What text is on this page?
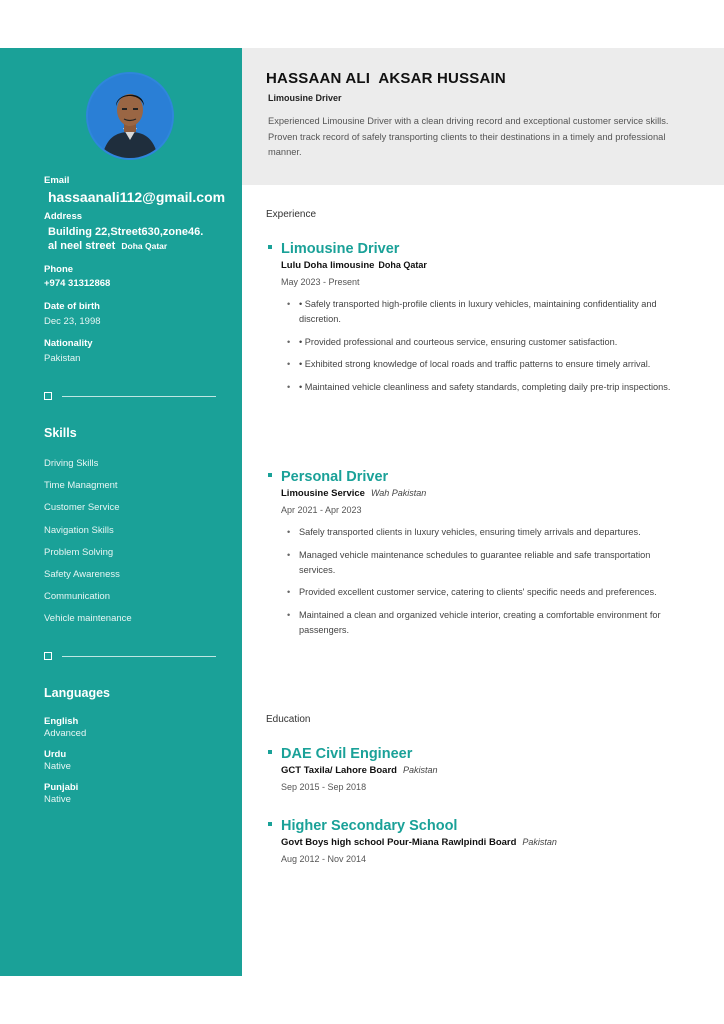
Email
hassaanali112@gmail.com
Address
Building 22,Street630,zone46.
al neel street Doha Qatar
Phone
+974 31312868
Date of birth
Dec 23, 1998
Nationality
Pakistan
Skills
Driving Skills
Time Managment
Customer Service
Navigation Skills
Problem Solving
Safety Awareness
Communication
Vehicle maintenance
Languages
English
Advanced
Urdu
Native
Punjabi
Native
HASSAAN ALI  AKSAR HUSSAIN
Limousine Driver
Experienced Limousine Driver with a clean driving record and exceptional customer service skills. Proven track record of safely transporting clients to their destinations in a timely and professional manner.
Experience
Limousine Driver
Lulu Doha limousine Doha Qatar
May 2023 - Present
• • Safely transported high-profile clients in luxury vehicles, maintaining confidentiality and discretion.
• • Provided professional and courteous service, ensuring customer satisfaction.
• • Exhibited strong knowledge of local roads and traffic patterns to ensure timely arrival.
• • Maintained vehicle cleanliness and safety standards, completing daily pre-trip inspections.
Personal Driver
Limousine Service Wah Pakistan
Apr 2021 - Apr 2023
• Safely transported clients in luxury vehicles, ensuring timely arrivals and departures.
• Managed vehicle maintenance schedules to guarantee reliable and safe transportation services.
• Provided excellent customer service, catering to clients' specific needs and preferences.
• Maintained a clean and organized vehicle interior, creating a comfortable environment for passengers.
Education
DAE Civil Engineer
GCT Taxila/ Lahore Board Pakistan
Sep 2015 - Sep 2018
Higher Secondary School
Govt Boys high school Pour-Miana Rawlpindi Board Pakistan
Aug 2012 - Nov 2014
